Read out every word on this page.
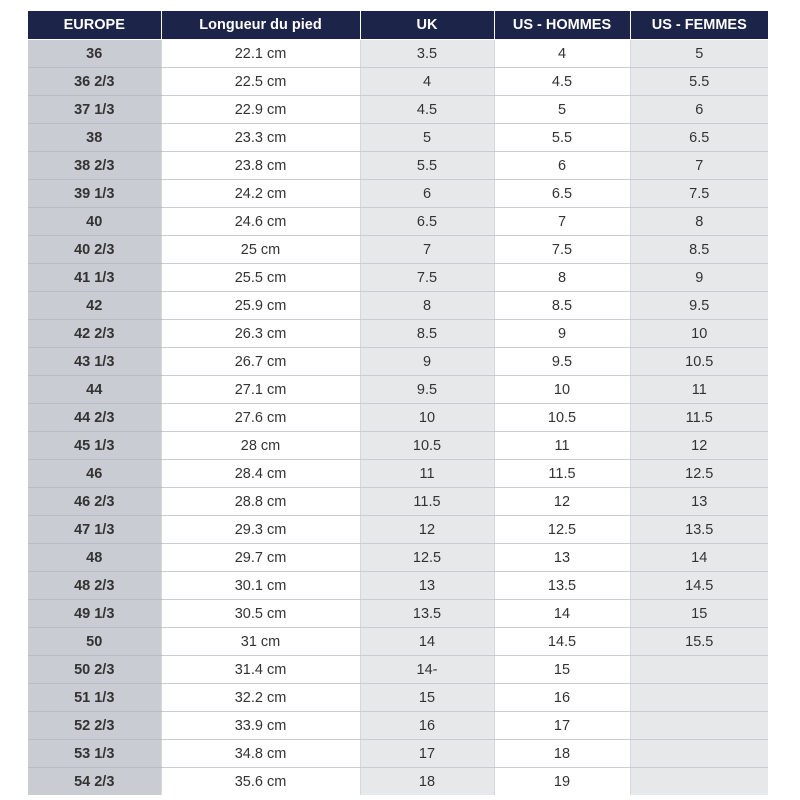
EUROPE	Longueur du pied	UK	US - HOMMES	US - FEMMES
36	22.1 cm	3.5	4	5
36 2/3	22.5 cm	4	4.5	5.5
37 1/3	22.9 cm	4.5	5	6
38	23.3 cm	5	5.5	6.5
38 2/3	23.8 cm	5.5	6	7
39 1/3	24.2 cm	6	6.5	7.5
40	24.6 cm	6.5	7	8
40 2/3	25 cm	7	7.5	8.5
41 1/3	25.5 cm	7.5	8	9
42	25.9 cm	8	8.5	9.5
42 2/3	26.3 cm	8.5	9	10
43 1/3	26.7 cm	9	9.5	10.5
44	27.1 cm	9.5	10	11
44 2/3	27.6 cm	10	10.5	11.5
45 1/3	28 cm	10.5	11	12
46	28.4 cm	11	11.5	12.5
46 2/3	28.8 cm	11.5	12	13
47 1/3	29.3 cm	12	12.5	13.5
48	29.7 cm	12.5	13	14
48 2/3	30.1 cm	13	13.5	14.5
49 1/3	30.5 cm	13.5	14	15
50	31 cm	14	14.5	15.5
50 2/3	31.4 cm	14-	15	
51 1/3	32.2 cm	15	16	
52 2/3	33.9 cm	16	17	
53 1/3	34.8 cm	17	18	
54 2/3	35.6 cm	18	19	
